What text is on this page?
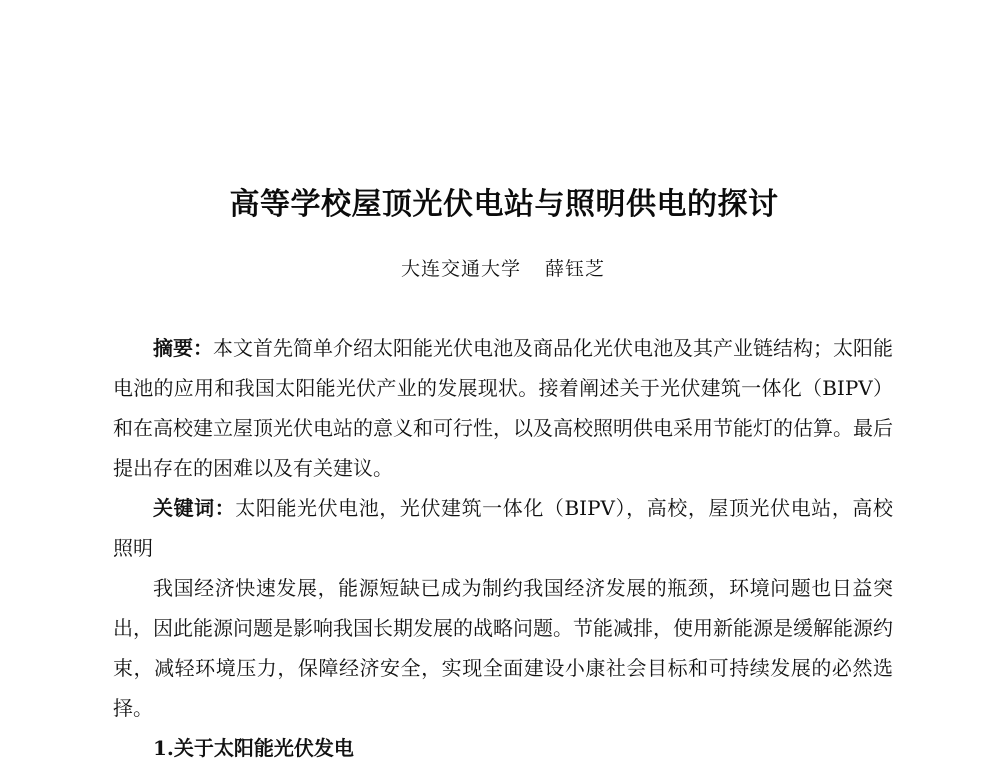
高等学校屋顶光伏电站与照明供电的探讨
大连交通大学 薛钰芝

摘要：本文首先简单介绍太阳能光伏电池及商品化光伏电池及其产业链结构；太阳能电池的应用和我国太阳能光伏产业的发展现状。接着阐述关于光伏建筑一体化（BIPV）和在高校建立屋顶光伏电站的意义和可行性，以及高校照明供电采用节能灯的估算。最后提出存在的困难以及有关建议。

关键词：太阳能光伏电池，光伏建筑一体化（BIPV），高校，屋顶光伏电站，高校照明

我国经济快速发展，能源短缺已成为制约我国经济发展的瓶颈，环境问题也日益突出，因此能源问题是影响我国长期发展的战略问题。节能减排，使用新能源是缓解能源约束，减轻环境压力，保障经济安全，实现全面建设小康社会目标和可持续发展的必然选择。

1.关于太阳能光伏发电
